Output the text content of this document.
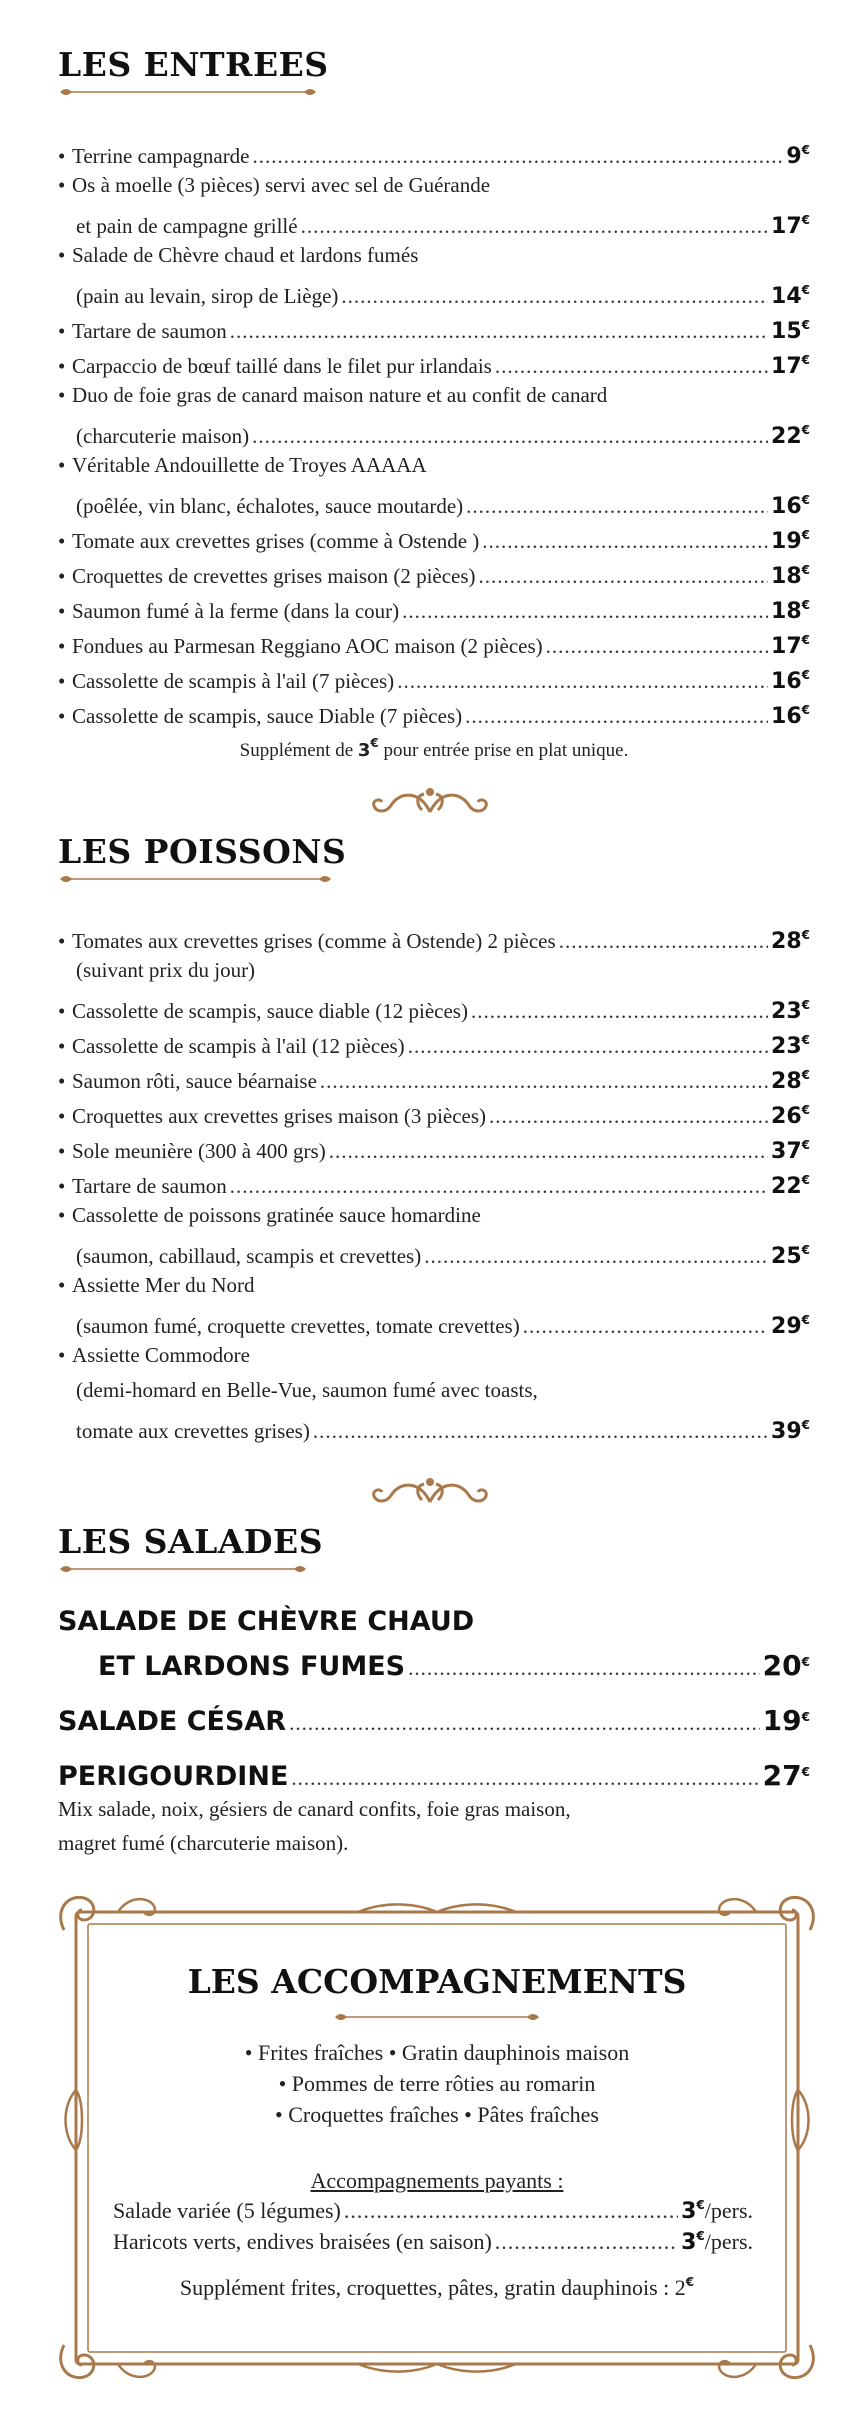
LES ENTREES
• Terrine campagnarde .....	9€
• Os à moelle (3 pièces) servi avec sel de Guérande
et pain de campagne grillé .....	17€
• Salade de Chèvre chaud et lardons fumés
(pain au levain, sirop de Liège) .....	14€
• Tartare de saumon .....	15€
• Carpaccio de bœuf taillé dans le filet pur irlandais .....	17€
• Duo de foie gras de canard maison nature et au confit de canard
(charcuterie maison) .....	22€
• Véritable Andouillette de Troyes AAAAA
(poêlée, vin blanc, échalotes, sauce moutarde) .....	16€
• Tomate aux crevettes grises (comme à Ostende ) .....	19€
• Croquettes de crevettes grises maison (2 pièces) .....	18€
• Saumon fumé à la ferme (dans la cour) .....	18€
• Fondues au Parmesan Reggiano AOC maison (2 pièces) .....	17€
• Cassolette de scampis à l'ail (7 pièces) .....	16€
• Cassolette de scampis, sauce Diable (7 pièces) .....	16€
Supplément de 3€ pour entrée prise en plat unique.
LES POISSONS
• Tomates aux crevettes grises (comme à Ostende) 2 pièces .....	28€
(suivant prix du jour)
• Cassolette de scampis, sauce diable (12 pièces) .....	23€
• Cassolette de scampis à l'ail (12 pièces) .....	23€
• Saumon rôti, sauce béarnaise .....	28€
• Croquettes aux crevettes grises maison (3 pièces) .....	26€
• Sole meunière (300 à 400 grs) .....	37€
• Tartare de saumon .....	22€
• Cassolette de poissons gratinée sauce homardine
(saumon, cabillaud, scampis et crevettes) .....	25€
• Assiette Mer du Nord
(saumon fumé, croquette crevettes, tomate crevettes) .....	29€
• Assiette Commodore
(demi-homard en Belle-Vue, saumon fumé avec toasts,
tomate aux crevettes grises) .....	39€
LES SALADES
SALADE DE CHÈVRE CHAUD
ET LARDONS FUMES .....	20€
SALADE CÉSAR .....	19€
PERIGOURDINE .....	27€
Mix salade, noix, gésiers de canard confits, foie gras maison,
magret fumé (charcuterie maison).
LES ACCOMPAGNEMENTS
• Frites fraîches • Gratin dauphinois maison
• Pommes de terre rôties au romarin
• Croquettes fraîches • Pâtes fraîches
Accompagnements payants :
Salade variée (5 légumes) .....	3€ /pers.
Haricots verts, endives braisées (en saison) .....	3€ /pers.
Supplément frites, croquettes, pâtes, gratin dauphinois : 2€
